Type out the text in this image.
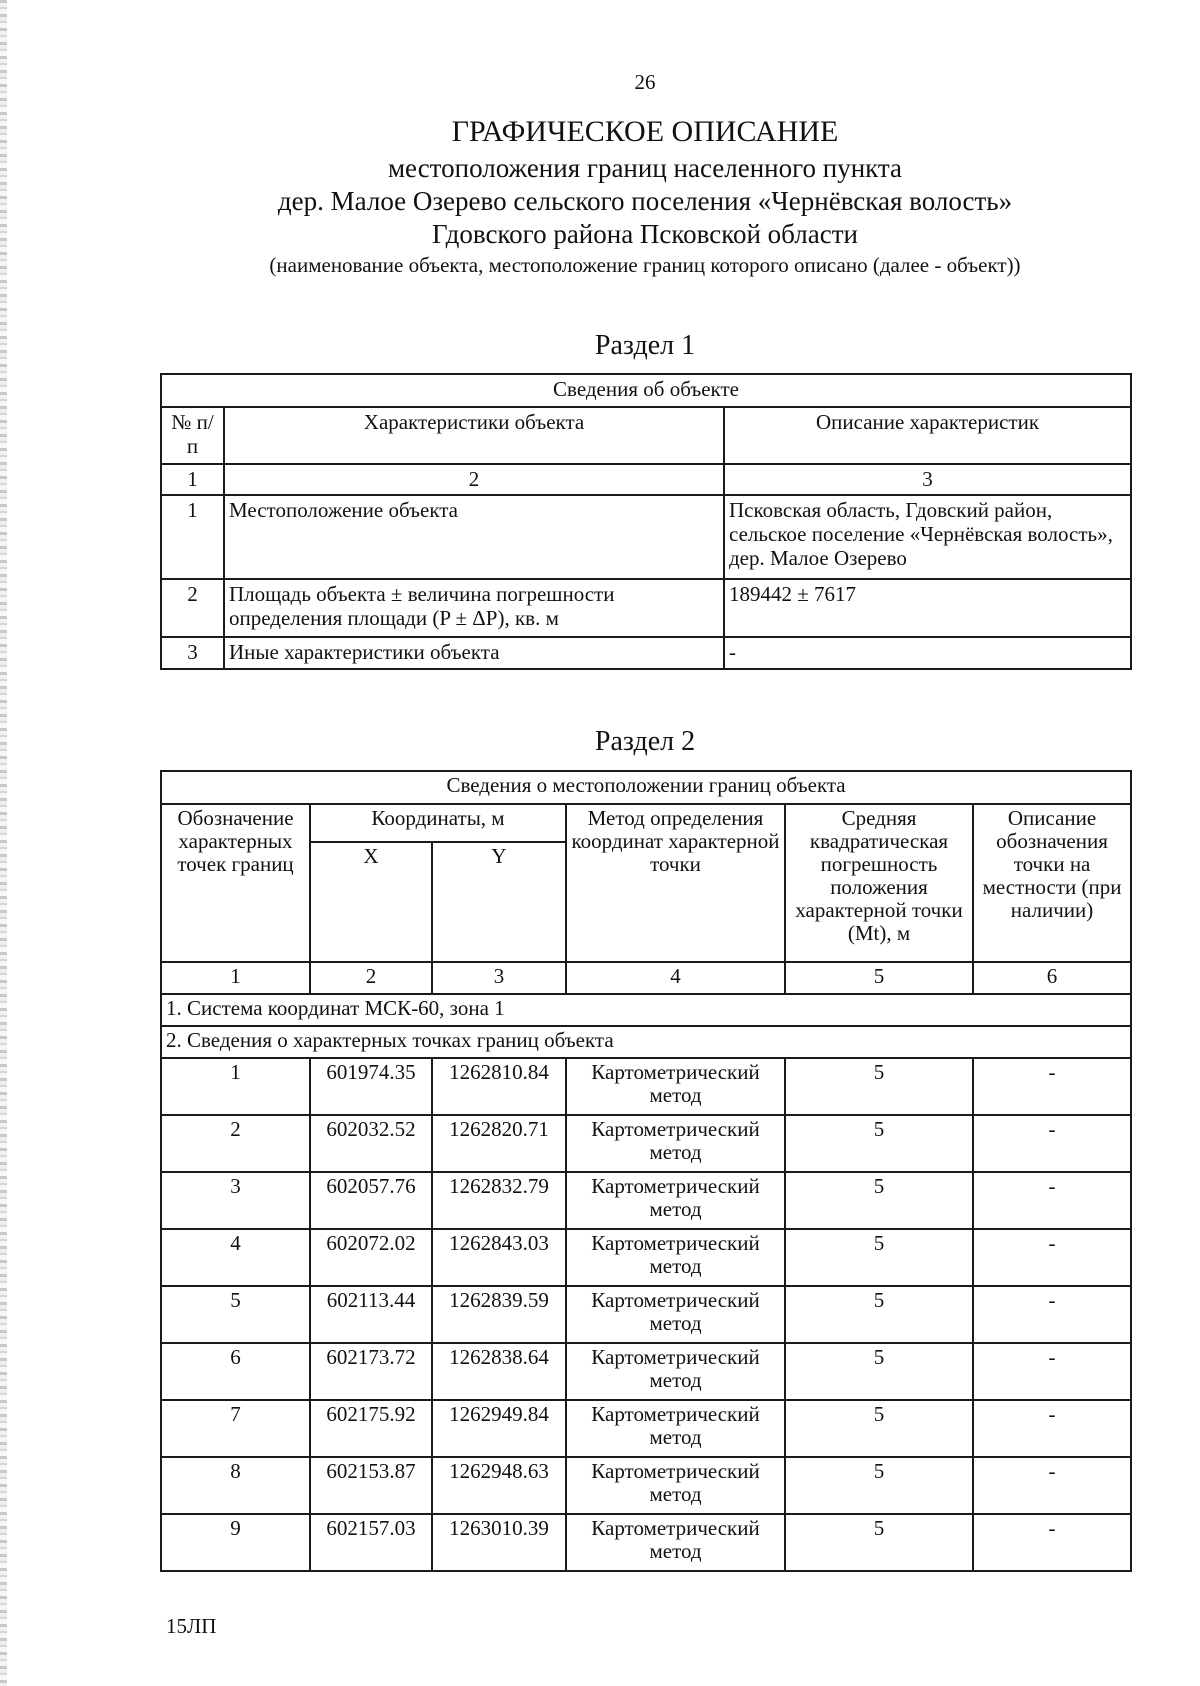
26
ГРАФИЧЕСКОЕ ОПИСАНИЕ
местоположения границ населенного пункта
дер. Малое Озерево сельского поселения «Чернёвская волость»
Гдовского района Псковской области
(наименование объекта, местоположение границ которого описано (далее - объект))
Раздел 1
Сведения об объекте		
№ п/п	Характеристики объекта	Описание характеристик
1	2	3
1	Местоположение объекта	Псковская область, Гдовский район, сельское поселение «Чернёвская волость», дер. Малое Озерево
2	Площадь объекта ± величина погрешности определения площади (P ± ΔP), кв. м	189442 ± 7617
3	Иные характеристики объекта	-
Раздел 2
Сведения о местоположении границ объекта					
Обозначение характерных точек границ	Координаты, м		Метод определения координат характерной точки	Средняя квадратическая погрешность положения характерной точки (Mt), м	Описание обозначения точки на местности (при наличии)
	X	Y			
1	2	3	4	5	6
1. Система координат МСК-60, зона 1					
2. Сведения о характерных точках границ объекта					
1	601974.35	1262810.84	Картометрический метод	5	-
2	602032.52	1262820.71	Картометрический метод	5	-
3	602057.76	1262832.79	Картометрический метод	5	-
4	602072.02	1262843.03	Картометрический метод	5	-
5	602113.44	1262839.59	Картометрический метод	5	-
6	602173.72	1262838.64	Картометрический метод	5	-
7	602175.92	1262949.84	Картометрический метод	5	-
8	602153.87	1262948.63	Картометрический метод	5	-
9	602157.03	1263010.39	Картометрический метод	5	-
15ЛП
